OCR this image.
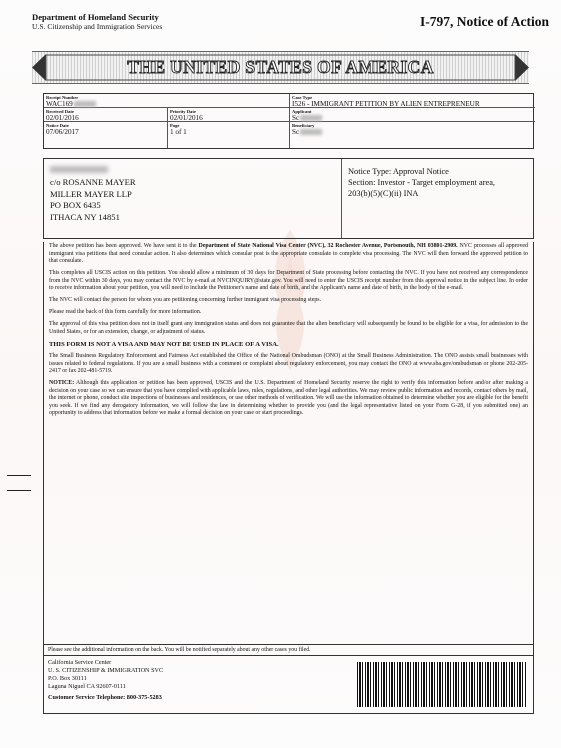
Department of Homeland Security
U.S. Citizenship and Immigration Services	I-797, Notice of Action
THE UNITED STATES OF AMERICA
Receipt Number
WAC169
Case Type
I526 - IMMIGRANT PETITION BY ALIEN ENTREPRENEUR
Received Date
02/01/2016
Priority Date
02/01/2016
Applicant
Sc
Notice Date
07/06/2017
Page
1 of 1
Beneficiary
Sc
c/o ROSANNE MAYER
MILLER MAYER LLP
PO BOX 6435
ITHACA NY 14851
Notice Type: Approval Notice
Section: Investor - Target employment area,
203(b)(5)(C)(ii) INA

The above petition has been approved. We have sent it to the Department of State National Visa Center (NVC), 32 Rochester Avenue, Portsmouth, NH 03801-2909. NVC processes all approved immigrant visa petitions that need consular action. It also determines which consular post is the appropriate consulate to complete visa processing. The NVC will then forward the approved petition to that consulate.

This completes all USCIS action on this petition. You should allow a minimum of 30 days for Department of State processing before contacting the NVC. If you have not received any correspondence from the NVC within 30 days, you may contact the NVC by e-mail at NVCINQUIRY@state.gov. You will need to enter the USCIS receipt number from this approval notice in the subject line. In order to receive information about your petition, you will need to include the Petitioner's name and date of birth, and the Applicant's name and date of birth, in the body of the e-mail.

The NVC will contact the person for whom you are petitioning concerning further immigrant visa processing steps.

Please read the back of this form carefully for more information.

The approval of this visa petition does not in itself grant any immigration status and does not guarantee that the alien beneficiary will subsequently be found to be eligible for a visa, for admission to the United States, or for an extension, change, or adjustment of status.

THIS FORM IS NOT A VISA AND MAY NOT BE USED IN PLACE OF A VISA.

The Small Business Regulatory Enforcement and Fairness Act established the Office of the National Ombudsman (ONO) at the Small Business Administration. The ONO assists small businesses with issues related to federal regulations. If you are a small business with a comment or complaint about regulatory enforcement, you may contact the ONO at www.sba.gov/ombudsman or phone 202-205-2417 or fax 202-481-5719.

NOTICE: Although this application or petition has been approved, USCIS and the U.S. Department of Homeland Security reserve the right to verify this information before and/or after making a decision on your case so we can ensure that you have complied with applicable laws, rules, regulations, and other legal authorities. We may review public information and records, contact others by mail, the internet or phone, conduct site inspections of businesses and residences, or use other methods of verification. We will use the information obtained to determine whether you are eligible for the benefit you seek. If we find any derogatory information, we will follow the law in determining whether to provide you (and the legal representative listed on your Form G-28, if you submitted one) an opportunity to address that information before we make a formal decision on your case or start proceedings.

Please see the additional information on the back. You will be notified separately about any other cases you filed.
California Service Center
U. S. CITIZENSHIP & IMMIGRATION SVC
P.O. Box 30111
Laguna Niguel CA 92607-0111
Customer Service Telephone: 800-375-5283
